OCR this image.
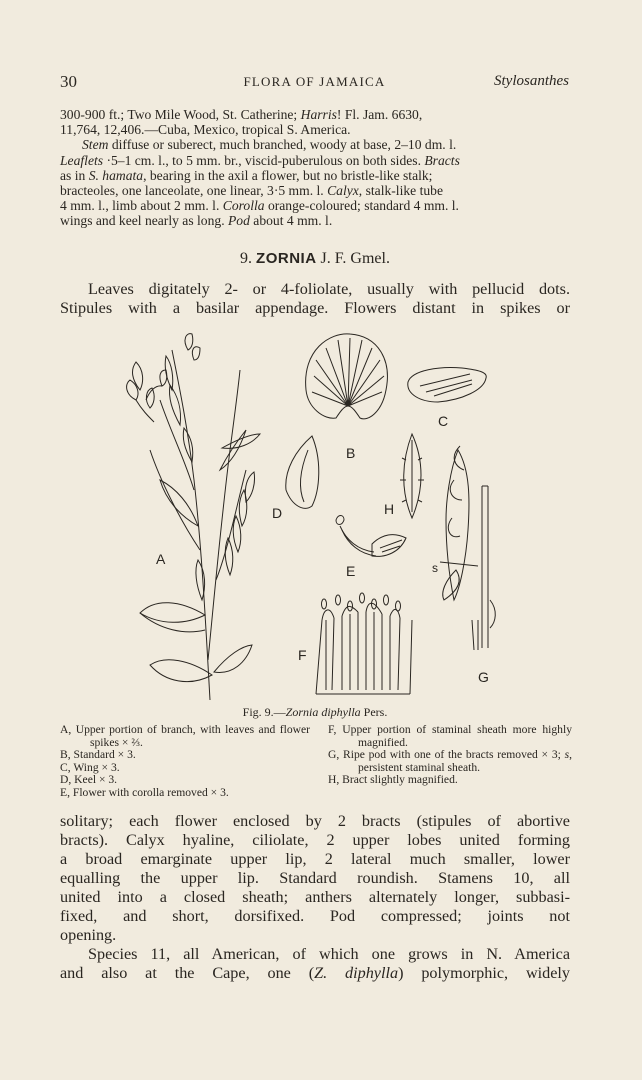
30	FLORA OF JAMAICA	Stylosanthes

300-900 ft.; Two Mile Wood, St. Catherine; Harris! Fl. Jam. 6630,

11,764, 12,406.—Cuba, Mexico, tropical S. America.

Stem diffuse or suberect, much branched, woody at base, 2–10 dm. l.

Leaflets ·5–1 cm. l., to 5 mm. br., viscid-puberulous on both sides. Bracts

as in S. hamata, bearing in the axil a flower, but no bristle-like stalk;

bracteoles, one lanceolate, one linear, 3·5 mm. l. Calyx, stalk-like tube

4 mm. l., limb about 2 mm. l. Corolla orange-coloured; standard 4 mm. l.

wings and keel nearly as long. Pod about 4 mm. l.

9. ZORNIA J. F. Gmel.

Leaves digitately 2- or 4-foliolate, usually with pellucid dots.

Stipules with a basilar appendage. Flowers distant in spikes or

A
B
C
D
E
F
G
H
s
Fig. 9.—Zornia diphylla Pers.
A, Upper portion of branch, with leaves and flower spikes × ⅔.
B, Standard × 3.
C, Wing × 3.
D, Keel × 3.
E, Flower with corolla removed × 3.
F, Upper portion of staminal sheath more highly magnified.
G, Ripe pod with one of the bracts removed × 3; s, persistent staminal sheath.
H, Bract slightly magnified.

solitary; each flower enclosed by 2 bracts (stipules of abortive

bracts). Calyx hyaline, ciliolate, 2 upper lobes united forming

a broad emarginate upper lip, 2 lateral much smaller, lower

equalling the upper lip. Standard roundish. Stamens 10, all

united into a closed sheath; anthers alternately longer, subbasi-

fixed, and short, dorsifixed. Pod compressed; joints not

opening.

Species 11, all American, of which one grows in N. America

and also at the Cape, one (Z. diphylla) polymorphic, widely
